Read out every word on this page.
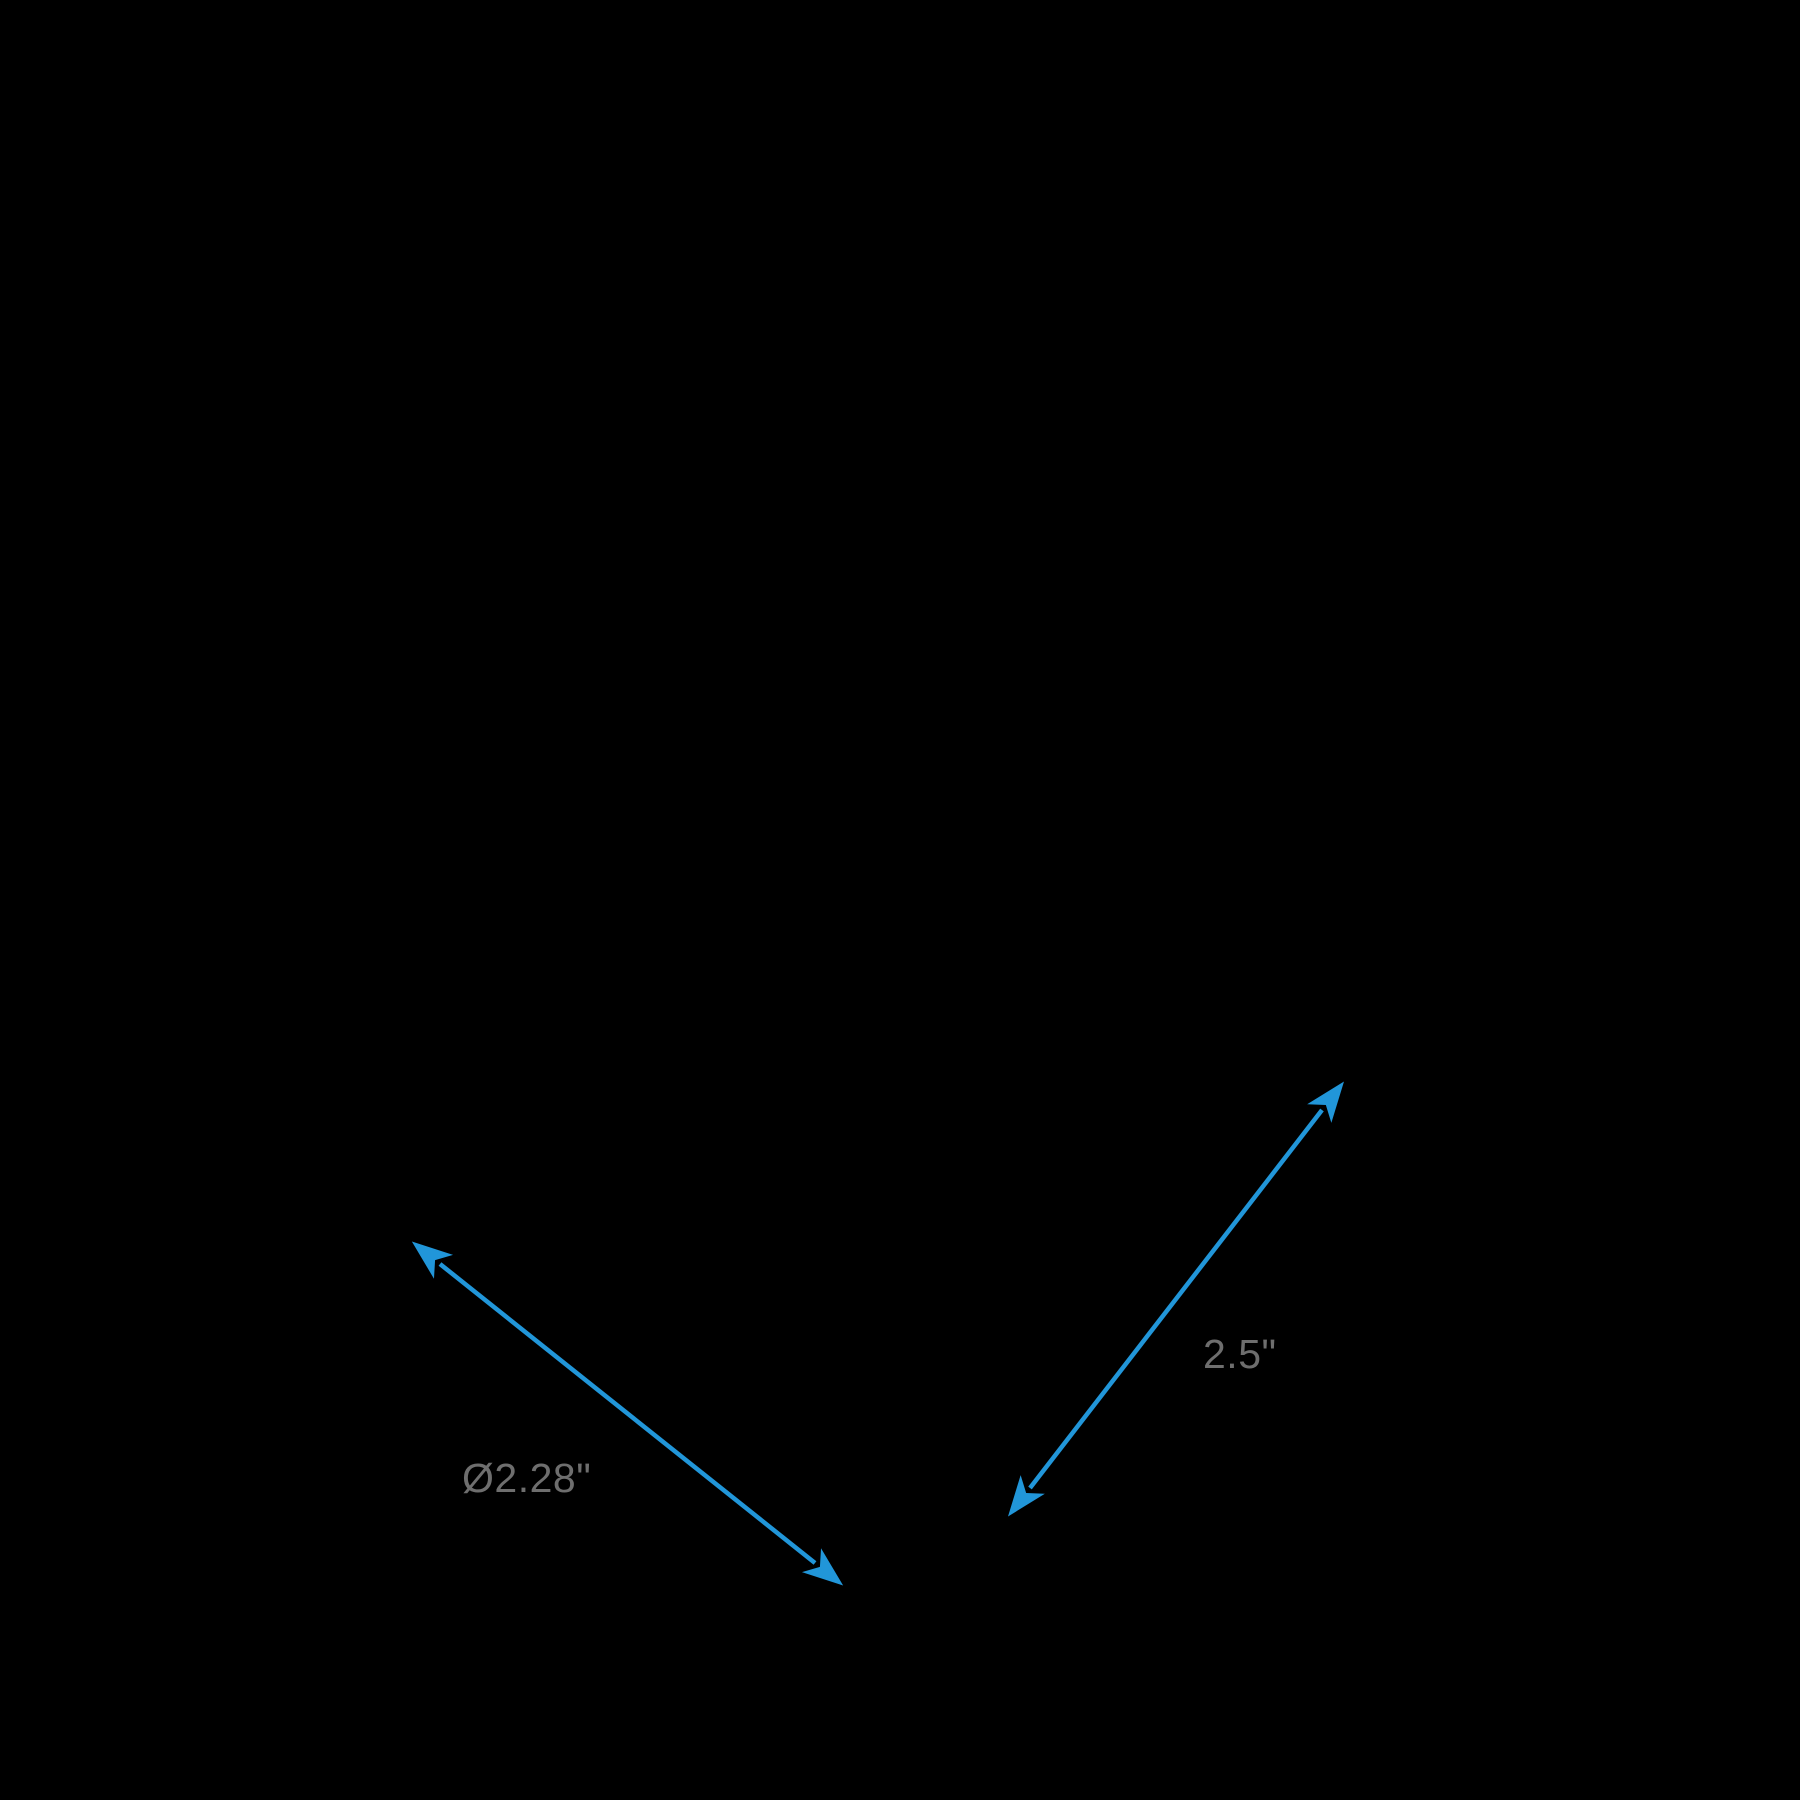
Ø2.28"
2.5"
